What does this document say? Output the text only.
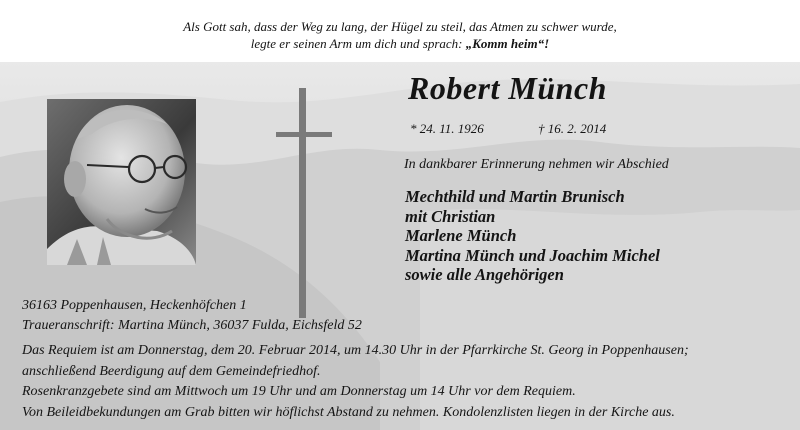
Als Gott sah, dass der Weg zu lang, der Hügel zu steil, das Atmen zu schwer wurde,
legte er seinen Arm um dich und sprach: „Komm heim“!
Robert Münch
* 24. 11. 1926	† 16. 2. 2014
In dankbarer Erinnerung nehmen wir Abschied
Mechthild und Martin Brunisch
mit Christian
Marlene Münch
Martina Münch und Joachim Michel
sowie alle Angehörigen
36163 Poppenhausen, Heckenhöfchen 1
Traueranschrift: Martina Münch, 36037 Fulda, Eichsfeld 52
Das Requiem ist am Donnerstag, dem 20. Februar 2014, um 14.30 Uhr in der Pfarrkirche St. Georg in Poppenhausen;
anschließend Beerdigung auf dem Gemeindefriedhof.
Rosenkranzgebete sind am Mittwoch um 19 Uhr und am Donnerstag um 14 Uhr vor dem Requiem.
Von Beileidbekundungen am Grab bitten wir höflichst Abstand zu nehmen. Kondolenzlisten liegen in der Kirche aus.
